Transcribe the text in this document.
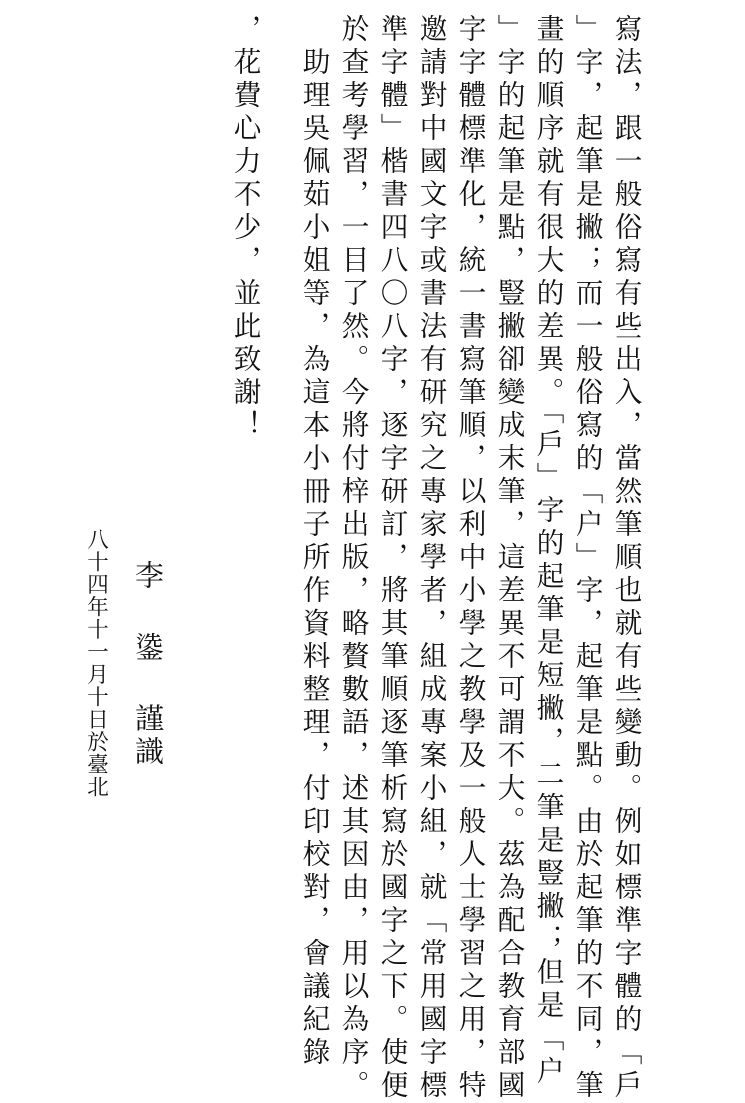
寫法，跟一般俗寫有些出入，當然筆順也就有些變動。例如標準字體的「戶

」字，起筆是撇；而一般俗寫的「户」字，起筆是點。由於起筆的不同，筆

畫的順序就有很大的差異。「戶」字的起筆是短撇，二筆是豎撇；但是「户

」字的起筆是點，豎撇卻變成末筆，這差異不可謂不大。茲為配合教育部國

字字體標準化，統一書寫筆順，以利中小學之教學及一般人士學習之用，特

邀請對中國文字或書法有研究之專家學者，組成專案小組，就「常用國字標

準字體」楷書四八〇八字，逐字研訂，將其筆順逐筆析寫於國字之下。使便

於查考學習，一目了然。今將付梓出版，略贅數語，述其因由，用以為序。

　助理吳佩茹小姐等，為這本小冊子所作資料整理，付印校對，會議紀錄

，花費心力不少，並此致謝！

李
鍌
謹識

八十四年十一月十日於臺北
